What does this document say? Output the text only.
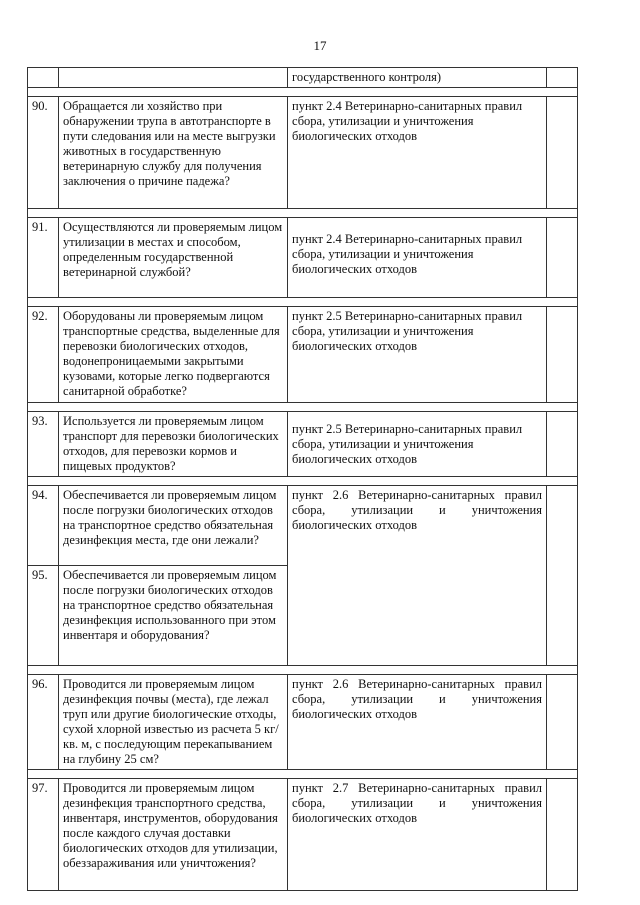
17
		государственного контроля)	

90.	Обращается ли хозяйство при обнаружении трупа в автотранспорте в пути следования или на месте выгрузки животных в государственную ветеринарную службу для получения заключения о причине падежа?	пункт 2.4 Ветеринарно-санитарных правил сбора, утилизации и уничтожения биологических отходов	

91.	Осуществляются ли проверяемым лицом утилизации в местах и способом, определенным государственной ветеринарной службой?	пункт 2.4 Ветеринарно-санитарных правил сбора, утилизации и уничтожения биологических отходов	

92.	Оборудованы ли проверяемым лицом транспортные средства, выделенные для перевозки биологических отходов, водонепроницаемыми закрытыми кузовами, которые легко подвергаются санитарной обработке?	пункт 2.5 Ветеринарно-санитарных правил сбора, утилизации и уничтожения биологических отходов	

93.	Используется ли проверяемым лицом транспорт для перевозки биологических отходов, для перевозки кормов и пищевых продуктов?	пункт 2.5 Ветеринарно-санитарных правил сбора, утилизации и уничтожения биологических отходов	

94.	Обеспечивается ли проверяемым лицом после погрузки биологических отходов на транспортное средство обязательная дезинфекция места, где они лежали?	пункт 2.6 Ветеринарно-санитарных правил сбора, утилизации и уничтожения биологических отходов	
95.	Обеспечивается ли проверяемым лицом после погрузки биологических отходов на транспортное средство обязательная дезинфекция использованного при этом инвентаря и оборудования?		

96.	Проводится ли проверяемым лицом дезинфекция почвы (места), где лежал труп или другие биологические отходы, сухой хлорной известью из расчета 5 кг/кв. м, с последующим перекапыванием на глубину 25 см?	пункт 2.6 Ветеринарно-санитарных правил сбора, утилизации и уничтожения биологических отходов	

97.	Проводится ли проверяемым лицом дезинфекция транспортного средства, инвентаря, инструментов, оборудования после каждого случая доставки биологических отходов для утилизации, обеззараживания или уничтожения?	пункт 2.7 Ветеринарно-санитарных правил сбора, утилизации и уничтожения биологических отходов	
